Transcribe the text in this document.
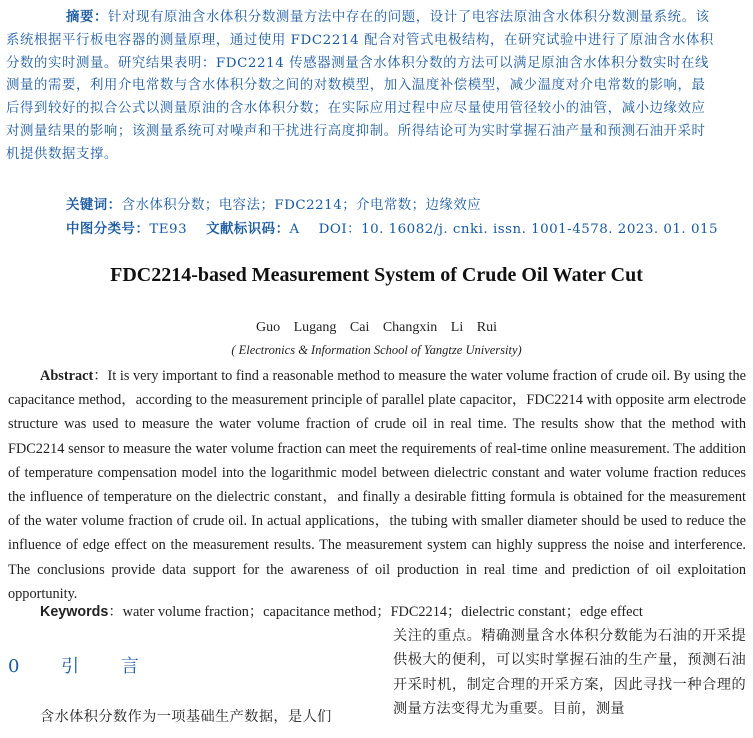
摘要：针对现有原油含水体积分数测量方法中存在的问题，设计了电容法原油含水体积分数测量系统。该系统根据平行板电容器的测量原理，通过使用 FDC2214 配合对管式电极结构，在研究试验中进行了原油含水体积分数的实时测量。研究结果表明：FDC2214 传感器测量含水体积分数的方法可以满足原油含水体积分数实时在线测量的需要，利用介电常数与含水体积分数之间的对数模型，加入温度补偿模型，减少温度对介电常数的影响，最后得到较好的拟合公式以测量原油的含水体积分数；在实际应用过程中应尽量使用管径较小的油管，减小边缘效应对测量结果的影响；该测量系统可对噪声和干扰进行高度抑制。所得结论可为实时掌握石油产量和预测石油开采时机提供数据支撑。
关键词：含水体积分数；电容法；FDC2214；介电常数；边缘效应
中图分类号：TE93 文献标识码：A DOI：10. 16082/j. cnki. issn. 1001-4578. 2023. 01. 015
FDC2214-based Measurement System of Crude Oil Water Cut
Guo Lugang Cai Changxin Li Rui
( Electronics & Information School of Yangtze University)
Abstract：It is very important to find a reasonable method to measure the water volume fraction of crude oil. By using the capacitance method，according to the measurement principle of parallel plate capacitor，FDC2214 with opposite arm electrode structure was used to measure the water volume fraction of crude oil in real time. The results show that the method with FDC2214 sensor to measure the water volume fraction can meet the requirements of real-time online measurement. The addition of temperature compensation model into the logarithmic model between dielectric constant and water volume fraction reduces the influence of temperature on the dielectric constant，and finally a desirable fitting formula is obtained for the measurement of the water volume fraction of crude oil. In actual applications，the tubing with smaller diameter should be used to reduce the influence of edge effect on the measurement results. The measurement system can highly suppress the noise and interference. The conclusions provide data support for the awareness of oil production in real time and prediction of oil exploitation opportunity.
Keywords：water volume fraction；capacitance method；FDC2214；dielectric constant；edge effect
0 引 言
含水体积分数作为一项基础生产数据，是人们
关注的重点。精确测量含水体积分数能为石油的开采提供极大的便利，可以实时掌握石油的生产量，预测石油开采时机，制定合理的开采方案，因此寻找一种合理的测量方法变得尤为重要。目前，测量
